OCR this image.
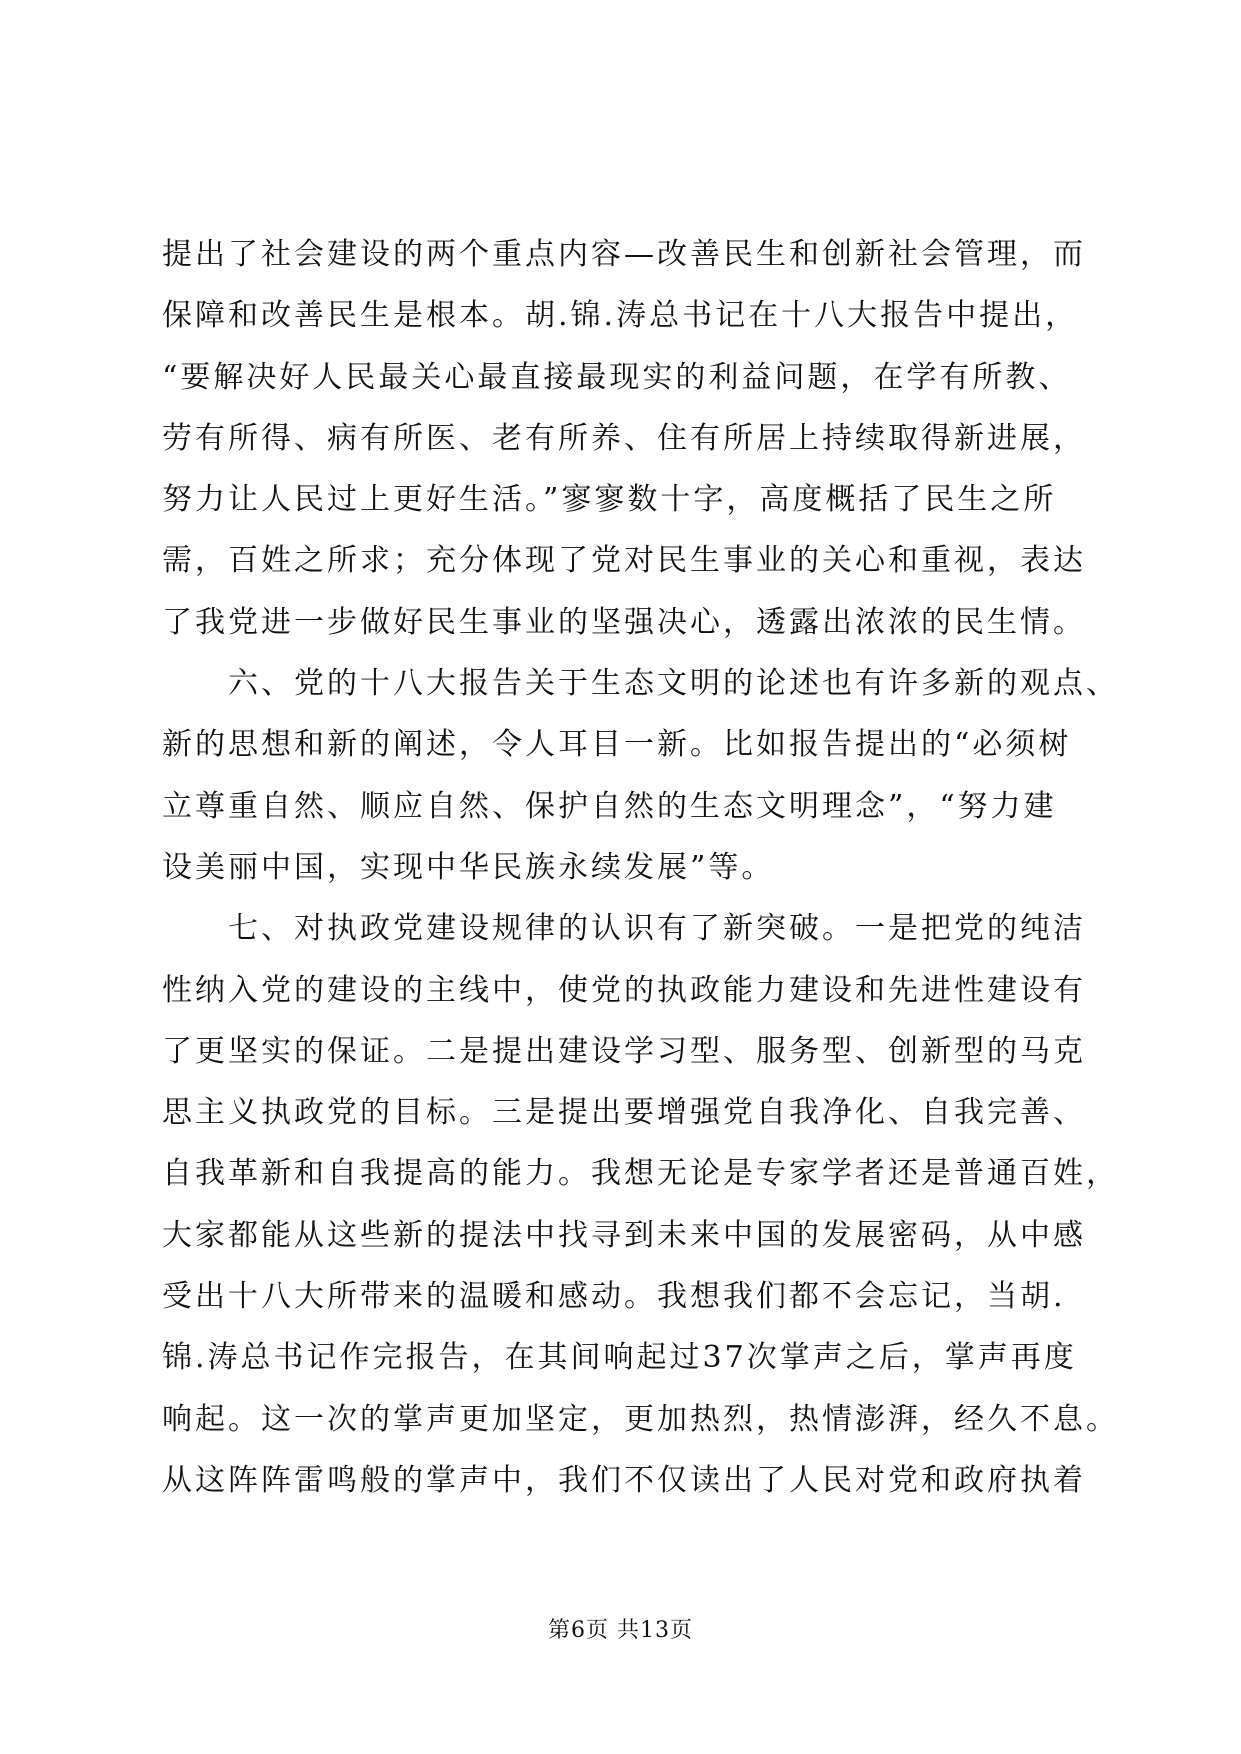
提出了社会建设的两个重点内容—改善民生和创新社会管理，而
保障和改善民生是根本。胡.锦.涛总书记在十八大报告中提出，
“要解决好人民最关心最直接最现实的利益问题，在学有所教、
劳有所得、病有所医、老有所养、住有所居上持续取得新进展，
努力让人民过上更好生活。”寥寥数十字，高度概括了民生之所
需，百姓之所求；充分体现了党对民生事业的关心和重视，表达
了我党进一步做好民生事业的坚强决心，透露出浓浓的民生情。
　　六、党的十八大报告关于生态文明的论述也有许多新的观点、
新的思想和新的阐述，令人耳目一新。比如报告提出的“必须树
立尊重自然、顺应自然、保护自然的生态文明理念”，“努力建
设美丽中国，实现中华民族永续发展”等。
　　七、对执政党建设规律的认识有了新突破。一是把党的纯洁
性纳入党的建设的主线中，使党的执政能力建设和先进性建设有
了更坚实的保证。二是提出建设学习型、服务型、创新型的马克
思主义执政党的目标。三是提出要增强党自我净化、自我完善、
自我革新和自我提高的能力。我想无论是专家学者还是普通百姓，
大家都能从这些新的提法中找寻到未来中国的发展密码，从中感
受出十八大所带来的温暖和感动。我想我们都不会忘记，当胡.
锦.涛总书记作完报告，在其间响起过37次掌声之后，掌声再度
响起。这一次的掌声更加坚定，更加热烈，热情澎湃，经久不息。
从这阵阵雷鸣般的掌声中，我们不仅读出了人民对党和政府执着
第6页 共13页
